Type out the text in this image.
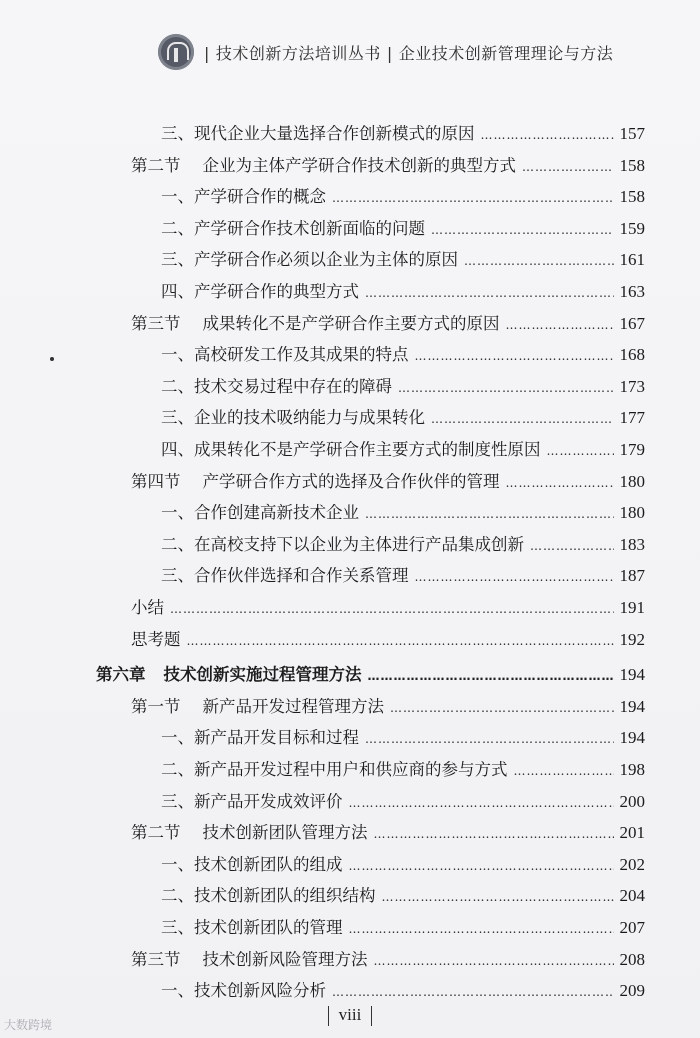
| 技术创新方法培训丛书 | 企业技术创新管理理论与方法
三、现代企业大量选择合作创新模式的原因 …………………………………………………………………………………………………………………………………………………	157
第二节 企业为主体产学研合作技术创新的典型方式 …………………………………………………………………………………………………………………………………………………	158
一、产学研合作的概念 …………………………………………………………………………………………………………………………………………………	158
二、产学研合作技术创新面临的问题 …………………………………………………………………………………………………………………………………………………	159
三、产学研合作必须以企业为主体的原因 …………………………………………………………………………………………………………………………………………………	161
四、产学研合作的典型方式 …………………………………………………………………………………………………………………………………………………	163
第三节 成果转化不是产学研合作主要方式的原因 …………………………………………………………………………………………………………………………………………………	167
一、高校研发工作及其成果的特点 …………………………………………………………………………………………………………………………………………………	168
二、技术交易过程中存在的障碍 …………………………………………………………………………………………………………………………………………………	173
三、企业的技术吸纳能力与成果转化 …………………………………………………………………………………………………………………………………………………	177
四、成果转化不是产学研合作主要方式的制度性原因 …………………………………………………………………………………………………………………………………………………	179
第四节 产学研合作方式的选择及合作伙伴的管理 …………………………………………………………………………………………………………………………………………………	180
一、合作创建高新技术企业 …………………………………………………………………………………………………………………………………………………	180
二、在高校支持下以企业为主体进行产品集成创新 …………………………………………………………………………………………………………………………………………………	183
三、合作伙伴选择和合作关系管理 …………………………………………………………………………………………………………………………………………………	187
小结 …………………………………………………………………………………………………………………………………………………	191
思考题 …………………………………………………………………………………………………………………………………………………	192
第六章 技术创新实施过程管理方法 …………………………………………………………………………………………………………………………………………………	194
第一节 新产品开发过程管理方法 …………………………………………………………………………………………………………………………………………………	194
一、新产品开发目标和过程 …………………………………………………………………………………………………………………………………………………	194
二、新产品开发过程中用户和供应商的参与方式 …………………………………………………………………………………………………………………………………………………	198
三、新产品开发成效评价 …………………………………………………………………………………………………………………………………………………	200
第二节 技术创新团队管理方法 …………………………………………………………………………………………………………………………………………………	201
一、技术创新团队的组成 …………………………………………………………………………………………………………………………………………………	202
二、技术创新团队的组织结构 …………………………………………………………………………………………………………………………………………………	204
三、技术创新团队的管理 …………………………………………………………………………………………………………………………………………………	207
第三节 技术创新风险管理方法 …………………………………………………………………………………………………………………………………………………	208
一、技术创新风险分析 …………………………………………………………………………………………………………………………………………………	209
viii
大数跨境
